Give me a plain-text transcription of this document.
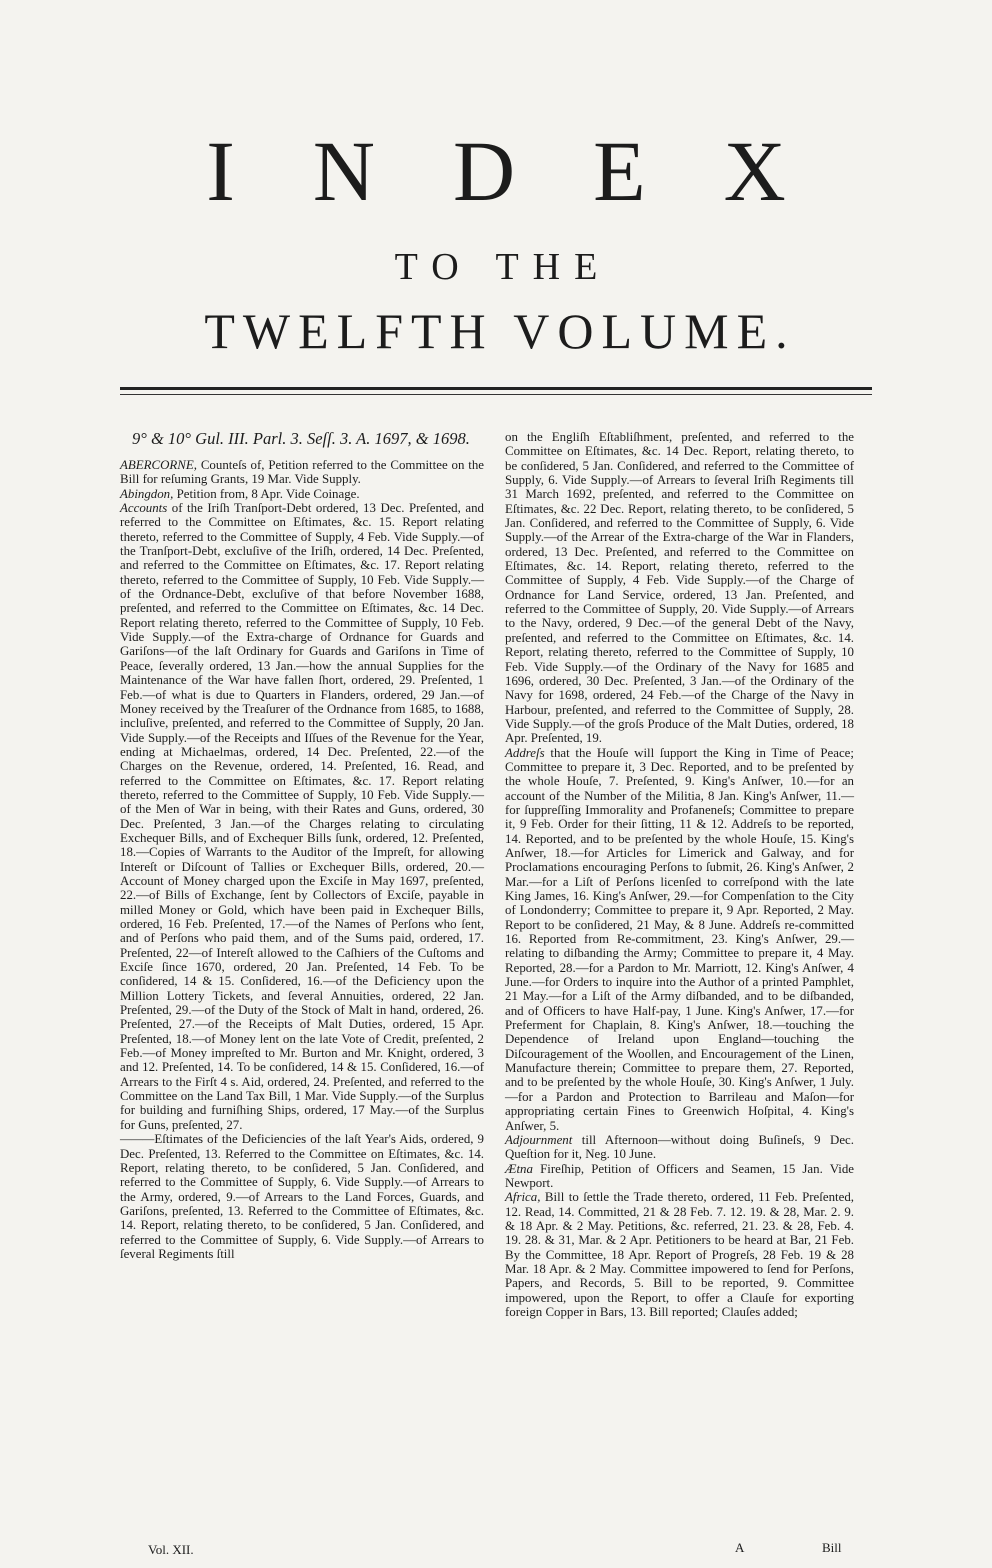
INDEX
TO THE
TWELFTH VOLUME.
9° & 10° Gul. III. Parl. 3. Seſſ. 3. A. 1697, & 1698.

ABERCORNE, Counteſs of, Petition referred to the Committee on the Bill for reſuming Grants, 19 Mar. Vide Supply.

Abingdon, Petition from, 8 Apr. Vide Coinage.

Accounts of the Iriſh Tranſport-Debt ordered, 13 Dec. Preſented, and referred to the Committee on Eſtimates, &c. 15. Report relating thereto, referred to the Committee of Supply, 4 Feb. Vide Supply.—of the Tranſport-Debt, excluſive of the Iriſh, ordered, 14 Dec. Preſented, and referred to the Committee on Eſtimates, &c. 17. Report relating thereto, referred to the Committee of Supply, 10 Feb. Vide Supply.—of the Ordnance-Debt, excluſive of that before November 1688, preſented, and referred to the Committee on Eſtimates, &c. 14 Dec. Report relating thereto, referred to the Committee of Supply, 10 Feb. Vide Supply.—of the Extra-charge of Ordnance for Guards and Gariſons—of the laſt Ordinary for Guards and Gariſons in Time of Peace, ſeverally ordered, 13 Jan.—how the annual Supplies for the Maintenance of the War have fallen ſhort, ordered, 29. Preſented, 1 Feb.—of what is due to Quarters in Flanders, ordered, 29 Jan.—of Money received by the Treaſurer of the Ordnance from 1685, to 1688, incluſive, preſented, and referred to the Committee of Supply, 20 Jan. Vide Supply.—of the Receipts and Iſſues of the Revenue for the Year, ending at Michaelmas, ordered, 14 Dec. Preſented, 22.—of the Charges on the Revenue, ordered, 14. Preſented, 16. Read, and referred to the Committee on Eſtimates, &c. 17. Report relating thereto, referred to the Committee of Supply, 10 Feb. Vide Supply.—of the Men of War in being, with their Rates and Guns, ordered, 30 Dec. Preſented, 3 Jan.—of the Charges relating to circulating Exchequer Bills, and of Exchequer Bills ſunk, ordered, 12. Preſented, 18.—Copies of Warrants to the Auditor of the Impreſt, for allowing Intereſt or Diſcount of Tallies or Exchequer Bills, ordered, 20.—Account of Money charged upon the Exciſe in May 1697, preſented, 22.—of Bills of Exchange, ſent by Collectors of Exciſe, payable in milled Money or Gold, which have been paid in Exchequer Bills, ordered, 16 Feb. Preſented, 17.—of the Names of Perſons who ſent, and of Perſons who paid them, and of the Sums paid, ordered, 17. Preſented, 22—of Intereſt allowed to the Caſhiers of the Cuſtoms and Exciſe ſince 1670, ordered, 20 Jan. Preſented, 14 Feb. To be conſidered, 14 & 15. Conſidered, 16.—of the Deficiency upon the Million Lottery Tickets, and ſeveral Annuities, ordered, 22 Jan. Preſented, 29.—of the Duty of the Stock of Malt in hand, ordered, 26. Preſented, 27.—of the Receipts of Malt Duties, ordered, 15 Apr. Preſented, 18.—of Money lent on the late Vote of Credit, preſented, 2 Feb.—of Money impreſted to Mr. Burton and Mr. Knight, ordered, 3 and 12. Preſented, 14. To be conſidered, 14 & 15. Conſidered, 16.—of Arrears to the Firſt 4 s. Aid, ordered, 24. Preſented, and referred to the Committee on the Land Tax Bill, 1 Mar. Vide Supply.—of the Surplus for building and furniſhing Ships, ordered, 17 May.—of the Surplus for Guns, preſented, 27.

———Eſtimates of the Deficiencies of the laſt Year's Aids, ordered, 9 Dec. Preſented, 13. Referred to the Committee on Eſtimates, &c. 14. Report, relating thereto, to be conſidered, 5 Jan. Conſidered, and referred to the Committee of Supply, 6. Vide Supply.—of Arrears to the Army, ordered, 9.—of Arrears to the Land Forces, Guards, and Gariſons, preſented, 13. Referred to the Committee of Eſtimates, &c. 14. Report, relating thereto, to be conſidered, 5 Jan. Conſidered, and referred to the Committee of Supply, 6. Vide Supply.—of Arrears to ſeveral Regiments ſtill

on the Engliſh Eſtabliſhment, preſented, and referred to the Committee on Eſtimates, &c. 14 Dec. Report, relating thereto, to be conſidered, 5 Jan. Conſidered, and referred to the Committee of Supply, 6. Vide Supply.—of Arrears to ſeveral Iriſh Regiments till 31 March 1692, preſented, and referred to the Committee on Eſtimates, &c. 22 Dec. Report, relating thereto, to be conſidered, 5 Jan. Conſidered, and referred to the Committee of Supply, 6. Vide Supply.—of the Arrear of the Extra-charge of the War in Flanders, ordered, 13 Dec. Preſented, and referred to the Committee on Eſtimates, &c. 14. Report, relating thereto, referred to the Committee of Supply, 4 Feb. Vide Supply.—of the Charge of Ordnance for Land Service, ordered, 13 Jan. Preſented, and referred to the Committee of Supply, 20. Vide Supply.—of Arrears to the Navy, ordered, 9 Dec.—of the general Debt of the Navy, preſented, and referred to the Committee on Eſtimates, &c. 14. Report, relating thereto, referred to the Committee of Supply, 10 Feb. Vide Supply.—of the Ordinary of the Navy for 1685 and 1696, ordered, 30 Dec. Preſented, 3 Jan.—of the Ordinary of the Navy for 1698, ordered, 24 Feb.—of the Charge of the Navy in Harbour, preſented, and referred to the Committee of Supply, 28. Vide Supply.—of the groſs Produce of the Malt Duties, ordered, 18 Apr. Preſented, 19.

Addreſs that the Houſe will ſupport the King in Time of Peace; Committee to prepare it, 3 Dec. Reported, and to be preſented by the whole Houſe, 7. Preſented, 9. King's Anſwer, 10.—for an account of the Number of the Militia, 8 Jan. King's Anſwer, 11.—for ſuppreſſing Immorality and Profaneneſs; Committee to prepare it, 9 Feb. Order for their ſitting, 11 & 12. Addreſs to be reported, 14. Reported, and to be preſented by the whole Houſe, 15. King's Anſwer, 18.—for Articles for Limerick and Galway, and for Proclamations encouraging Perſons to ſubmit, 26. King's Anſwer, 2 Mar.—for a Liſt of Perſons licenſed to correſpond with the late King James, 16. King's Anſwer, 29.—for Compenſation to the City of Londonderry; Committee to prepare it, 9 Apr. Reported, 2 May. Report to be conſidered, 21 May, & 8 June. Addreſs re-committed 16. Reported from Re-commitment, 23. King's Anſwer, 29.—relating to diſbanding the Army; Committee to prepare it, 4 May. Reported, 28.—for a Pardon to Mr. Marriott, 12. King's Anſwer, 4 June.—for Orders to inquire into the Author of a printed Pamphlet, 21 May.—for a Liſt of the Army diſbanded, and to be diſbanded, and of Officers to have Half-pay, 1 June. King's Anſwer, 17.—for Preferment for Chaplain, 8. King's Anſwer, 18.—touching the Dependence of Ireland upon England—touching the Diſcouragement of the Woollen, and Encouragement of the Linen, Manufacture therein; Committee to prepare them, 27. Reported, and to be preſented by the whole Houſe, 30. King's Anſwer, 1 July.—for a Pardon and Protection to Barrileau and Maſon—for appropriating certain Fines to Greenwich Hoſpital, 4. King's Anſwer, 5.

Adjournment till Afternoon—without doing Buſineſs, 9 Dec. Queſtion for it, Neg. 10 June.

Ætna Fireſhip, Petition of Officers and Seamen, 15 Jan. Vide Newport.

Africa, Bill to ſettle the Trade thereto, ordered, 11 Feb. Preſented, 12. Read, 14. Committed, 21 & 28 Feb. 7. 12. 19. & 28, Mar. 2. 9. & 18 Apr. & 2 May. Petitions, &c. referred, 21. 23. & 28, Feb. 4. 19. 28. & 31, Mar. & 2 Apr. Petitioners to be heard at Bar, 21 Feb. By the Committee, 18 Apr. Report of Progreſs, 28 Feb. 19 & 28 Mar. 18 Apr. & 2 May. Committee impowered to ſend for Perſons, Papers, and Records, 5. Bill to be reported, 9. Committee impowered, upon the Report, to offer a Clauſe for exporting foreign Copper in Bars, 13. Bill reported; Clauſes added;

Vol. XII.	A	Bill
